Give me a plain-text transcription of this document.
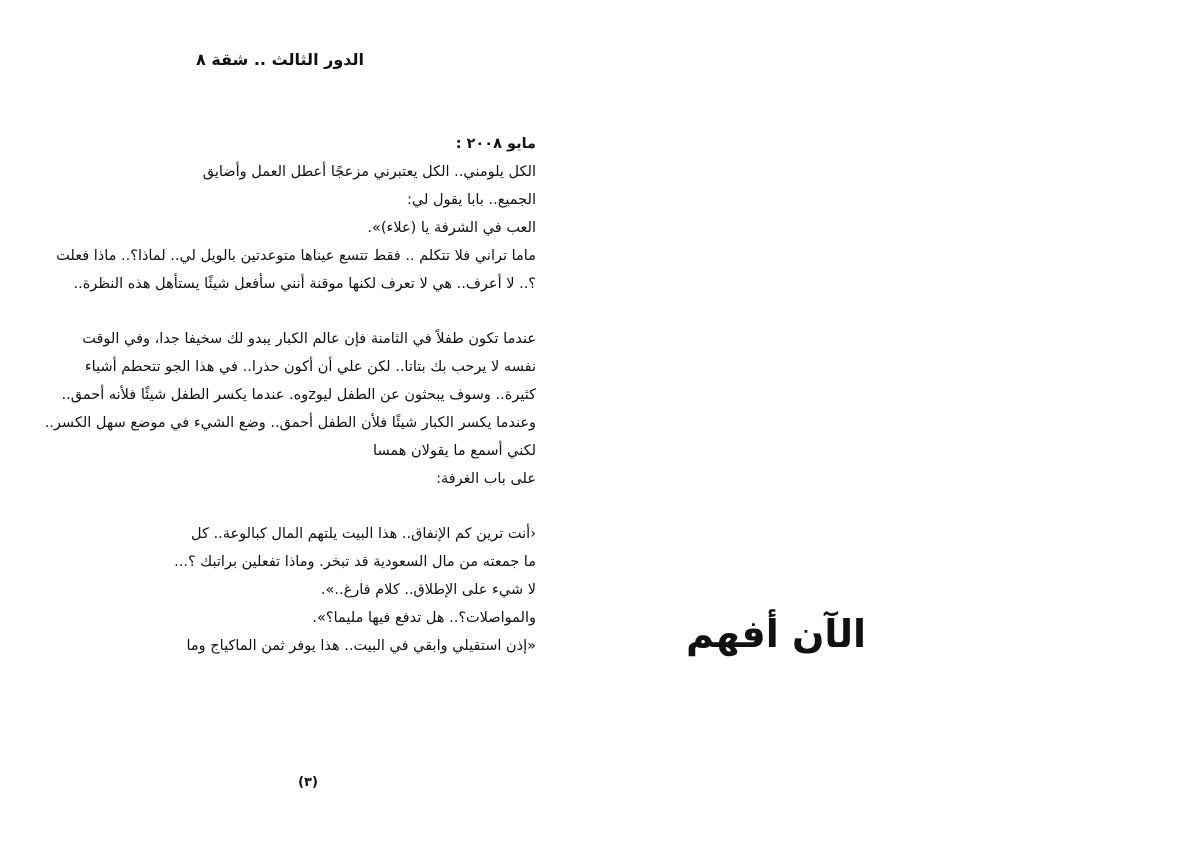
الدور الثالث .. شقة ٨
مايو ٢٠٠٨ :
الكل يلومني.. الكل يعتبرني مزعجًا أعطل العمل وأضايق
الجميع.. بابا يقول لي:
العب في الشرفة يا (علاء)».
ماما تراني فلا تتكلم .. فقط تتسع عيناها متوعدتين بالويل لي.. لماذا؟.. ماذا فعلت
؟.. لا أعرف.. هي لا تعرف لكنها موقنة أنني سأفعل شيئًا يستأهل هذه النظرة..
عندما تكون طفلاً في الثامنة فإن عالم الكبار يبدو لك سخيفا جدا، وفي الوقت
نفسه لا يرحب بك بتاتا.. لكن علي أن أكون حذرا.. في هذا الجو تتحطم أشياء
كثيرة.. وسوف يبحثون عن الطفل ليوzوه. عندما يكسر الطفل شيئًا فلأنه أحمق..
وعندما يكسر الكبار شيئًا فلأن الطفل أحمق.. وضع الشيء في موضع سهل الكسر..
لكني أسمع ما يقولان همسا
على باب الغرفة:
‹أنت ترين كم الإنفاق.. هذا البيت يلتهم المال كبالوعة.. كل
ما جمعته من مال السعودية قد تبخر. وماذا تفعلين براتبك ؟...
لا شيء على الإطلاق.. كلام فارغ..».
والمواصلات؟.. هل تدفع فيها مليما؟».
«إذن استقيلي وابقي في البيت.. هذا يوفر ثمن الماكياج وما
(٣)
الآن أفهم
